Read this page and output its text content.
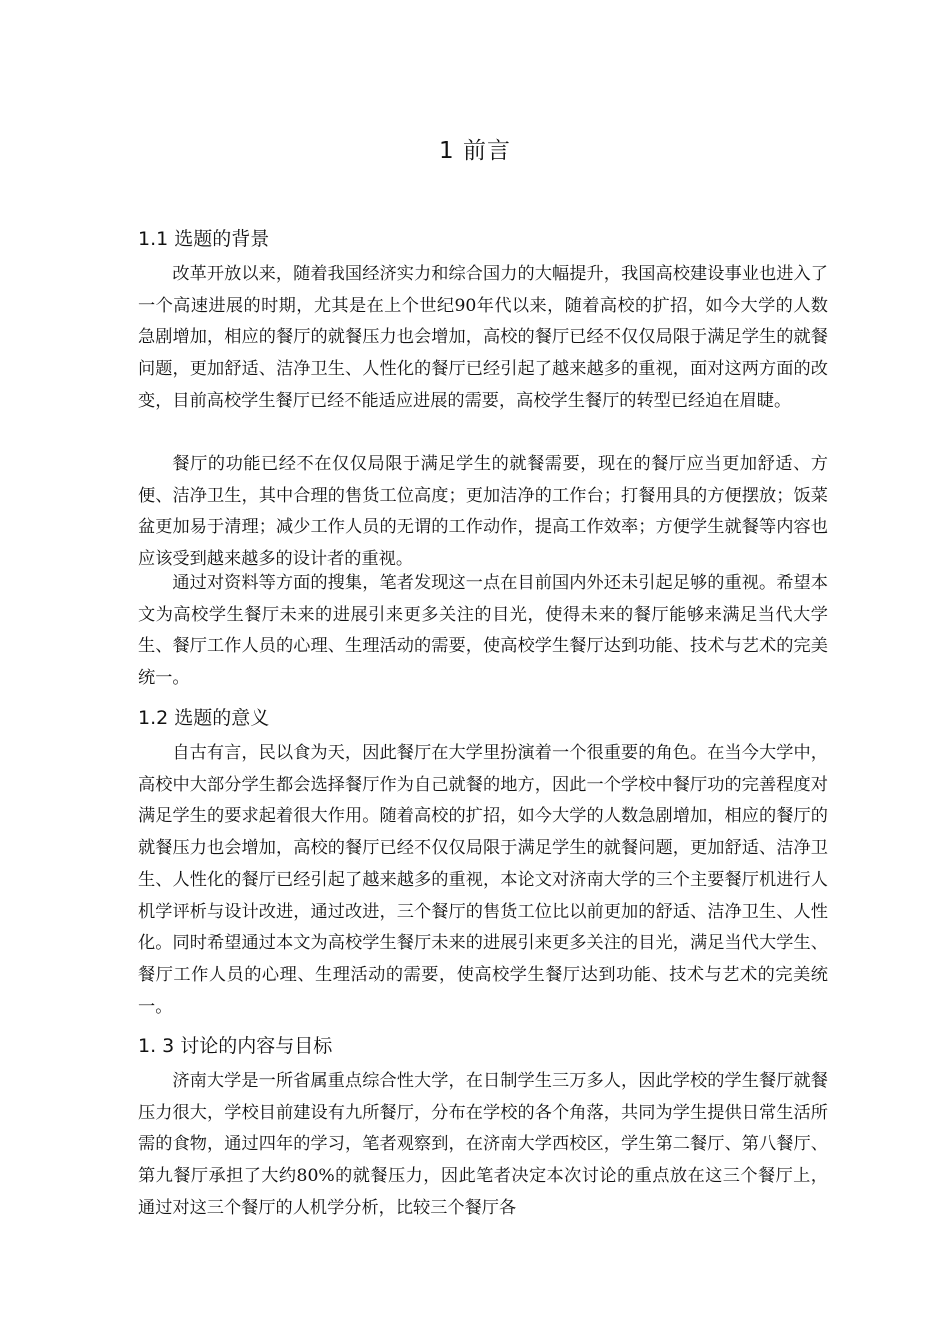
1 前言
1.1 选题的背景

改革开放以来，随着我国经济实力和综合国力的大幅提升，我国高校建设事业也进入了一个高速进展的时期，尤其是在上个世纪90年代以来，随着高校的扩招，如今大学的人数急剧增加，相应的餐厅的就餐压力也会增加，高校的餐厅已经不仅仅局限于满足学生的就餐问题，更加舒适、洁净卫生、人性化的餐厅已经引起了越来越多的重视，面对这两方面的改变，目前高校学生餐厅已经不能适应进展的需要，高校学生餐厅的转型已经迫在眉睫。

餐厅的功能已经不在仅仅局限于满足学生的就餐需要，现在的餐厅应当更加舒适、方便、洁净卫生，其中合理的售货工位高度；更加洁净的工作台；打餐用具的方便摆放；饭菜盆更加易于清理；减少工作人员的无谓的工作动作，提高工作效率；方便学生就餐等内容也应该受到越来越多的设计者的重视。

通过对资料等方面的搜集，笔者发现这一点在目前国内外还未引起足够的重视。希望本文为高校学生餐厅未来的进展引来更多关注的目光，使得未来的餐厅能够来满足当代大学生、餐厅工作人员的心理、生理活动的需要，使高校学生餐厅达到功能、技术与艺术的完美统一。

1.2 选题的意义

自古有言，民以食为天，因此餐厅在大学里扮演着一个很重要的角色。在当今大学中，高校中大部分学生都会选择餐厅作为自己就餐的地方，因此一个学校中餐厅功的完善程度对满足学生的要求起着很大作用。随着高校的扩招，如今大学的人数急剧增加，相应的餐厅的就餐压力也会增加，高校的餐厅已经不仅仅局限于满足学生的就餐问题，更加舒适、洁净卫生、人性化的餐厅已经引起了越来越多的重视，本论文对济南大学的三个主要餐厅机进行人机学评析与设计改进，通过改进，三个餐厅的售货工位比以前更加的舒适、洁净卫生、人性化。同时希望通过本文为高校学生餐厅未来的进展引来更多关注的目光，满足当代大学生、餐厅工作人员的心理、生理活动的需要，使高校学生餐厅达到功能、技术与艺术的完美统一。

1. 3 讨论的内容与目标

济南大学是一所省属重点综合性大学，在日制学生三万多人，因此学校的学生餐厅就餐压力很大，学校目前建设有九所餐厅，分布在学校的各个角落，共同为学生提供日常生活所需的食物，通过四年的学习，笔者观察到，在济南大学西校区，学生第二餐厅、第八餐厅、第九餐厅承担了大约80%的就餐压力，因此笔者决定本次讨论的重点放在这三个餐厅上，通过对这三个餐厅的人机学分析，比较三个餐厅各
